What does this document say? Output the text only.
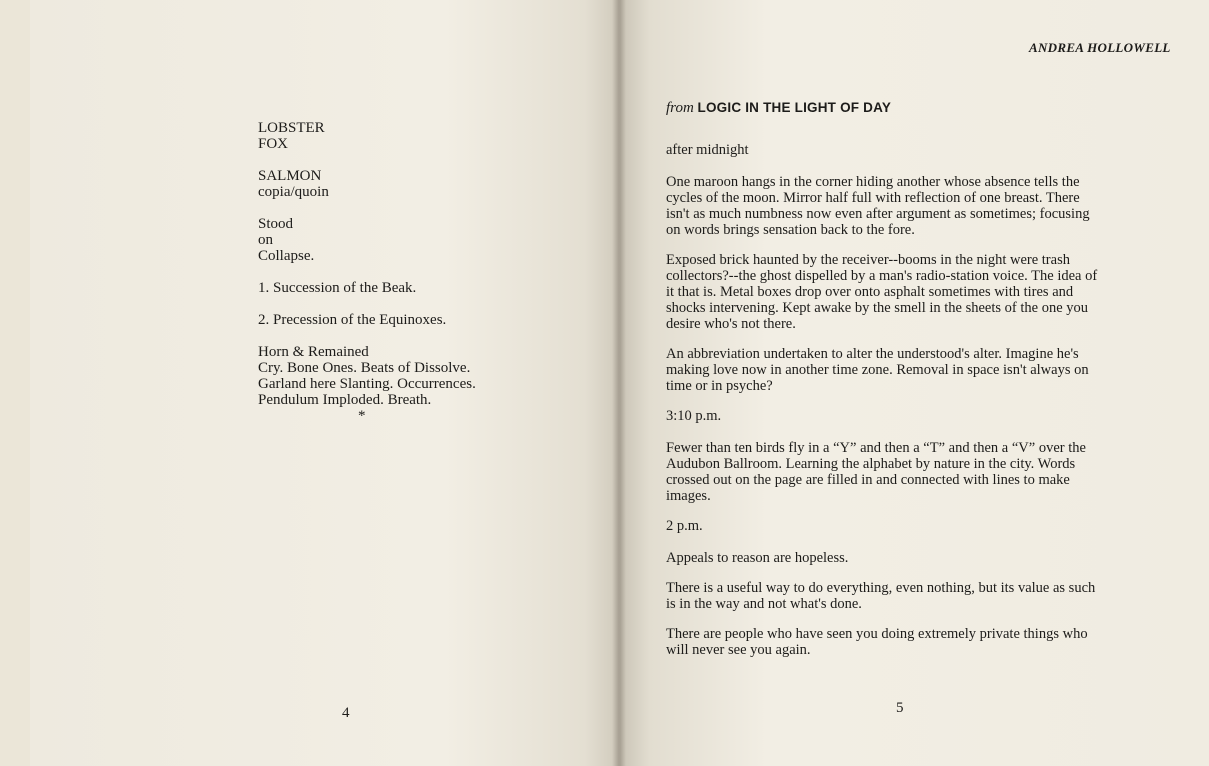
LOBSTER
FOX
SALMON
copia/quoin
Stood
on
Collapse.
1. Succession of the Beak.
2. Precession of the Equinoxes.
Horn & Remained
Cry. Bone Ones. Beats of Dissolve.
Garland here Slanting. Occurrences.
Pendulum Imploded. Breath.
*
4
ANDREA HOLLOWELL
from LOGIC IN THE LIGHT OF DAY

after midnight

One maroon hangs in the corner hiding another whose absence tells the cycles of the moon. Mirror half full with reflection of one breast. There isn't as much numbness now even after argument as sometimes; focusing on words brings sensation back to the fore.

Exposed brick haunted by the receiver--booms in the night were trash collectors?--the ghost dispelled by a man's radio-station voice. The idea of it that is. Metal boxes drop over onto asphalt sometimes with tires and shocks intervening. Kept awake by the smell in the sheets of the one you desire who's not there.

An abbreviation undertaken to alter the understood's alter. Imagine he's making love now in another time zone. Removal in space isn't always on time or in psyche?

3:10 p.m.

Fewer than ten birds fly in a “Y” and then a “T” and then a “V” over the Audubon Ballroom. Learning the alphabet by nature in the city. Words crossed out on the page are filled in and connected with lines to make images.

2 p.m.

Appeals to reason are hopeless.

There is a useful way to do everything, even nothing, but its value as such is in the way and not what's done.

There are people who have seen you doing extremely private things who will never see you again.

5
